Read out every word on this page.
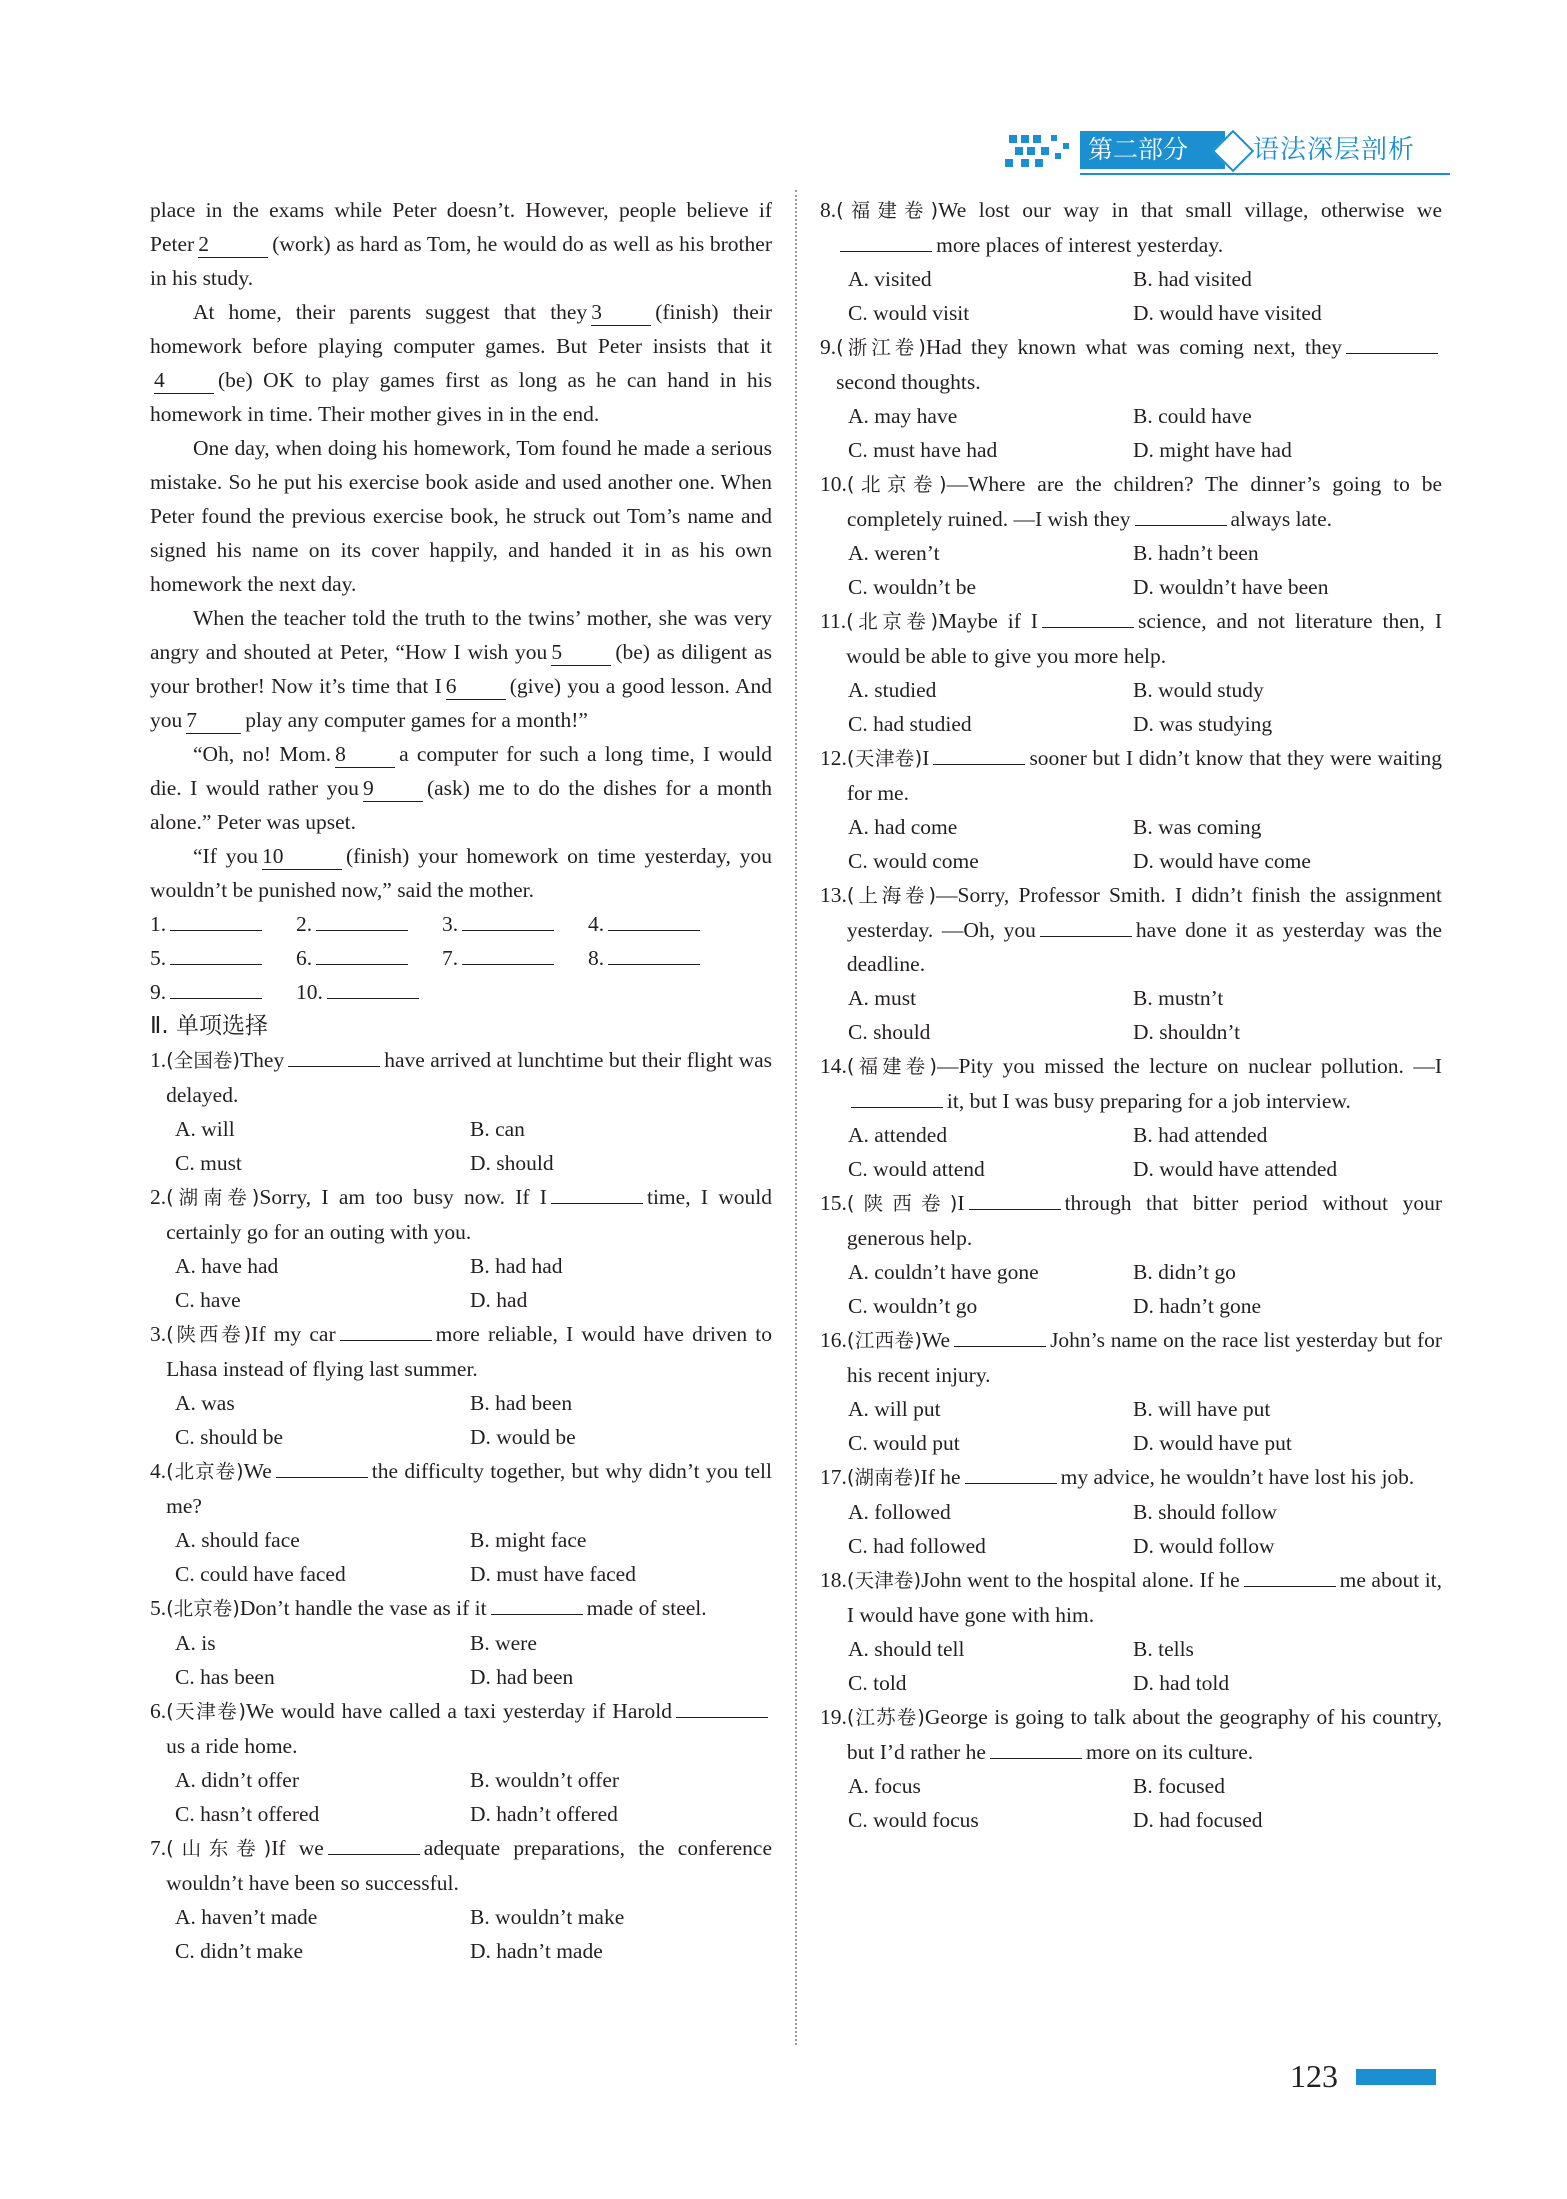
第二部分	语法深层剖析

place in the exams while Peter doesn’t. However, people believe if Peter 2	(work) as hard as Tom, he would do as well as his brother in his study.

At home, their parents suggest that they 3 (finish) their homework before playing computer games. But Peter insists that it4 (be) OK to play games first as long as he can hand in his homework in time. Their mother gives in in the end.

One day, when doing his homework, Tom found he made a serious mistake. So he put his exercise book aside and used another one. When Peter found the previous exercise book, he struck out Tom’s name and signed his name on its cover happily, and handed it in as his own homework the next day.

When the teacher told the truth to the twins’ mother, she was very angry and shouted at Peter, “How I wish you 5 (be) as diligent as your brother! Now it’s time that I 6 (give) you a good lesson. And you 7 play any computer games for a month!”

“Oh, no! Mom. 8 a computer for such a long time, I would die. I would rather you 9 (ask) me to do the dishes for a month alone.” Peter was upset.

“If you 10	(finish) your homework on time yesterday, you wouldn’t be punished now,” said the mother.

1.	2.	3.	4.
5.	6.	7.	8.
9.	10.
Ⅱ. 单项选择
1. (全国卷)They	have arrived at lunchtime but their flight was delayed.
A. will	B. can
C. must	D. should
2. (湖南卷)Sorry, I am too busy now. If I	time, I would certainly go for an outing with you.
A. have had	B. had had
C. have	D. had
3. (陕西卷)If my car	more reliable, I would have driven to Lhasa instead of flying last summer.
A. was	B. had been
C. should be	D. would be
4. (北京卷)We	the difficulty together, but why didn’t you tell me?
A. should face	B. might face
C. could have faced	D. must have faced
5. (北京卷)Don’t handle the vase as if it	made of steel.
A. is	B. were
C. has been	D. had been
6. (天津卷)We would have called a taxi yesterday if Haroldus a ride home.
A. didn’t offer	B. wouldn’t offer
C. hasn’t offered	D. hadn’t offered
7. (山东卷)If we	adequate preparations, the conference wouldn’t have been so successful.
A. haven’t made	B. wouldn’t make
C. didn’t make	D. hadn’t made
8. (福建卷)We lost our way in that small village, otherwise wemore places of interest yesterday.
A. visited	B. had visited
C. would visit	D. would have visited
9. (浙江卷)Had they known what was coming next, theysecond thoughts.
A. may have	B. could have
C. must have had	D. might have had
10. (北京卷)—Where are the children? The dinner’s going to be completely ruined. —I wish they	always late.
A. weren’t	B. hadn’t been
C. wouldn’t be	D. wouldn’t have been
11. (北京卷)Maybe if I	science, and not literature then, I would be able to give you more help.
A. studied	B. would study
C. had studied	D. was studying
12. (天津卷)I	sooner but I didn’t know that they were waiting for me.
A. had come	B. was coming
C. would come	D. would have come
13. (上海卷)—Sorry, Professor Smith. I didn’t finish the assignment yesterday. —Oh, you	have done it as yesterday was the deadline.
A. must	B. mustn’t
C. should	D. shouldn’t
14. (福建卷)—Pity you missed the lecture on nuclear pollution. —Iit, but I was busy preparing for a job interview.
A. attended	B. had attended
C. would attend	D. would have attended
15. (陕西卷)I	through that bitter period without your generous help.
A. couldn’t have gone	B. didn’t go
C. wouldn’t go	D. hadn’t gone
16. (江西卷)We	John’s name on the race list yesterday but for his recent injury.
A. will put	B. will have put
C. would put	D. would have put
17. (湖南卷)If he	my advice, he wouldn’t have lost his job.
A. followed	B. should follow
C. had followed	D. would follow
18. (天津卷)John went to the hospital alone. If he	me about it, I would have gone with him.
A. should tell	B. tells
C. told	D. had told
19. (江苏卷)George is going to talk about the geography of his country, but I’d rather he	more on its culture.
A. focus	B. focused
C. would focus	D. had focused
123
